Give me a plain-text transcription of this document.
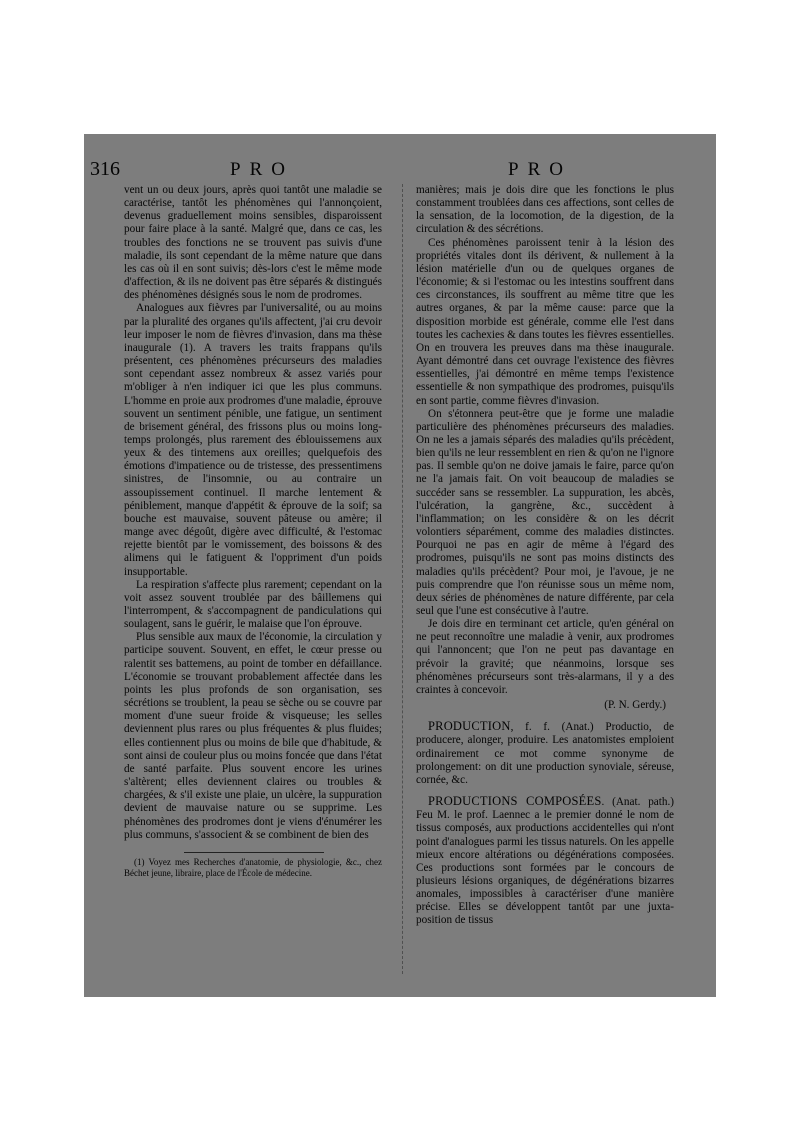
316	PRO	PRO

vent un ou deux jours, après quoi tantôt une maladie se caractérise, tantôt les phénomènes qui l'annonçoient, devenus graduellement moins sensibles, disparoissent pour faire place à la santé. Malgré que, dans ce cas, les troubles des fonctions ne se trouvent pas suivis d'une maladie, ils sont cependant de la même nature que dans les cas où il en sont suivis; dès-lors c'est le même mode d'affection, & ils ne doivent pas être séparés & distingués des phénomènes désignés sous le nom de prodromes.

Analogues aux fièvres par l'universalité, ou au moins par la pluralité des organes qu'ils affectent, j'ai cru devoir leur imposer le nom de fièvres d'invasion, dans ma thèse inaugurale (1). A travers les traits frappans qu'ils présentent, ces phénomènes précurseurs des maladies sont cependant assez nombreux & assez variés pour m'obliger à n'en indiquer ici que les plus communs. L'homme en proie aux prodromes d'une maladie, éprouve souvent un sentiment pénible, une fatigue, un sentiment de brisement général, des frissons plus ou moins long-temps prolongés, plus rarement des éblouissemens aux yeux & des tintemens aux oreilles; quelquefois des émotions d'impatience ou de tristesse, des pressentimens sinistres, de l'insomnie, ou au contraire un assoupissement continuel. Il marche lentement & péniblement, manque d'appétit & éprouve de la soif; sa bouche est mauvaise, souvent pâteuse ou amère; il mange avec dégoût, digère avec difficulté, & l'estomac rejette bientôt par le vomissement, des boissons & des alimens qui le fatiguent & l'oppriment d'un poids insupportable.

La respiration s'affecte plus rarement; cependant on la voit assez souvent troublée par des bâillemens qui l'interrompent, & s'accompagnent de pandiculations qui soulagent, sans le guérir, le malaise que l'on éprouve.

Plus sensible aux maux de l'économie, la circulation y participe souvent. Souvent, en effet, le cœur presse ou ralentit ses battemens, au point de tomber en défaillance. L'économie se trouvant probablement affectée dans les points les plus profonds de son organisation, ses sécrétions se troublent, la peau se sèche ou se couvre par moment d'une sueur froide & visqueuse; les selles deviennent plus rares ou plus fréquentes & plus fluides; elles contiennent plus ou moins de bile que d'habitude, & sont ainsi de couleur plus ou moins foncée que dans l'état de santé parfaite. Plus souvent encore les urines s'altèrent; elles deviennent claires ou troubles & chargées, & s'il existe une plaie, un ulcère, la suppuration devient de mauvaise nature ou se supprime. Les phénomènes des prodromes dont je viens d'énumérer les plus communs, s'associent & se combinent de bien des

(1) Voyez mes Recherches d'anatomie, de physiologie, &c., chez Béchet jeune, libraire, place de l'École de médecine.

manières; mais je dois dire que les fonctions le plus constamment troublées dans ces affections, sont celles de la sensation, de la locomotion, de la digestion, de la circulation & des sécrétions.

Ces phénomènes paroissent tenir à la lésion des propriétés vitales dont ils dérivent, & nullement à la lésion matérielle d'un ou de quelques organes de l'économie; & si l'estomac ou les intestins souffrent dans ces circonstances, ils souffrent au même titre que les autres organes, & par la même cause: parce que la disposition morbide est générale, comme elle l'est dans toutes les cachexies & dans toutes les fièvres essentielles. On en trouvera les preuves dans ma thèse inaugurale. Ayant démontré dans cet ouvrage l'existence des fièvres essentielles, j'ai démontré en même temps l'existence essentielle & non sympathique des prodromes, puisqu'ils en sont partie, comme fièvres d'invasion.

On s'étonnera peut-être que je forme une maladie particulière des phénomènes précurseurs des maladies. On ne les a jamais séparés des maladies qu'ils précèdent, bien qu'ils ne leur ressemblent en rien & qu'on ne l'ignore pas. Il semble qu'on ne doive jamais le faire, parce qu'on ne l'a jamais fait. On voit beaucoup de maladies se succéder sans se ressembler. La suppuration, les abcès, l'ulcération, la gangrène, &c., succèdent à l'inflammation; on les considère & on les décrit volontiers séparément, comme des maladies distinctes. Pourquoi ne pas en agir de même à l'égard des prodromes, puisqu'ils ne sont pas moins distincts des maladies qu'ils précèdent? Pour moi, je l'avoue, je ne puis comprendre que l'on réunisse sous un même nom, deux séries de phénomènes de nature différente, par cela seul que l'une est consécutive à l'autre.

Je dois dire en terminant cet article, qu'en général on ne peut reconnoître une maladie à venir, aux prodromes qui l'annoncent; que l'on ne peut pas davantage en prévoir la gravité; que néanmoins, lorsque ses phénomènes précurseurs sont très-alarmans, il y a des craintes à concevoir.

(P. N. Gerdy.)

PRODUCTION, f. f. (Anat.) Productio, de producere, alonger, produire. Les anatomistes emploient ordinairement ce mot comme synonyme de prolongement: on dit une production synoviale, séreuse, cornée, &c.

PRODUCTIONS COMPOSÉES. (Anat. path.) Feu M. le prof. Laennec a le premier donné le nom de tissus composés, aux productions accidentelles qui n'ont point d'analogues parmi les tissus naturels. On les appelle mieux encore altérations ou dégénérations composées. Ces productions sont formées par le concours de plusieurs lésions organiques, de dégénérations bizarres anomales, impossibles à caractériser d'une manière précise. Elles se développent tantôt par une juxta-position de tissus
